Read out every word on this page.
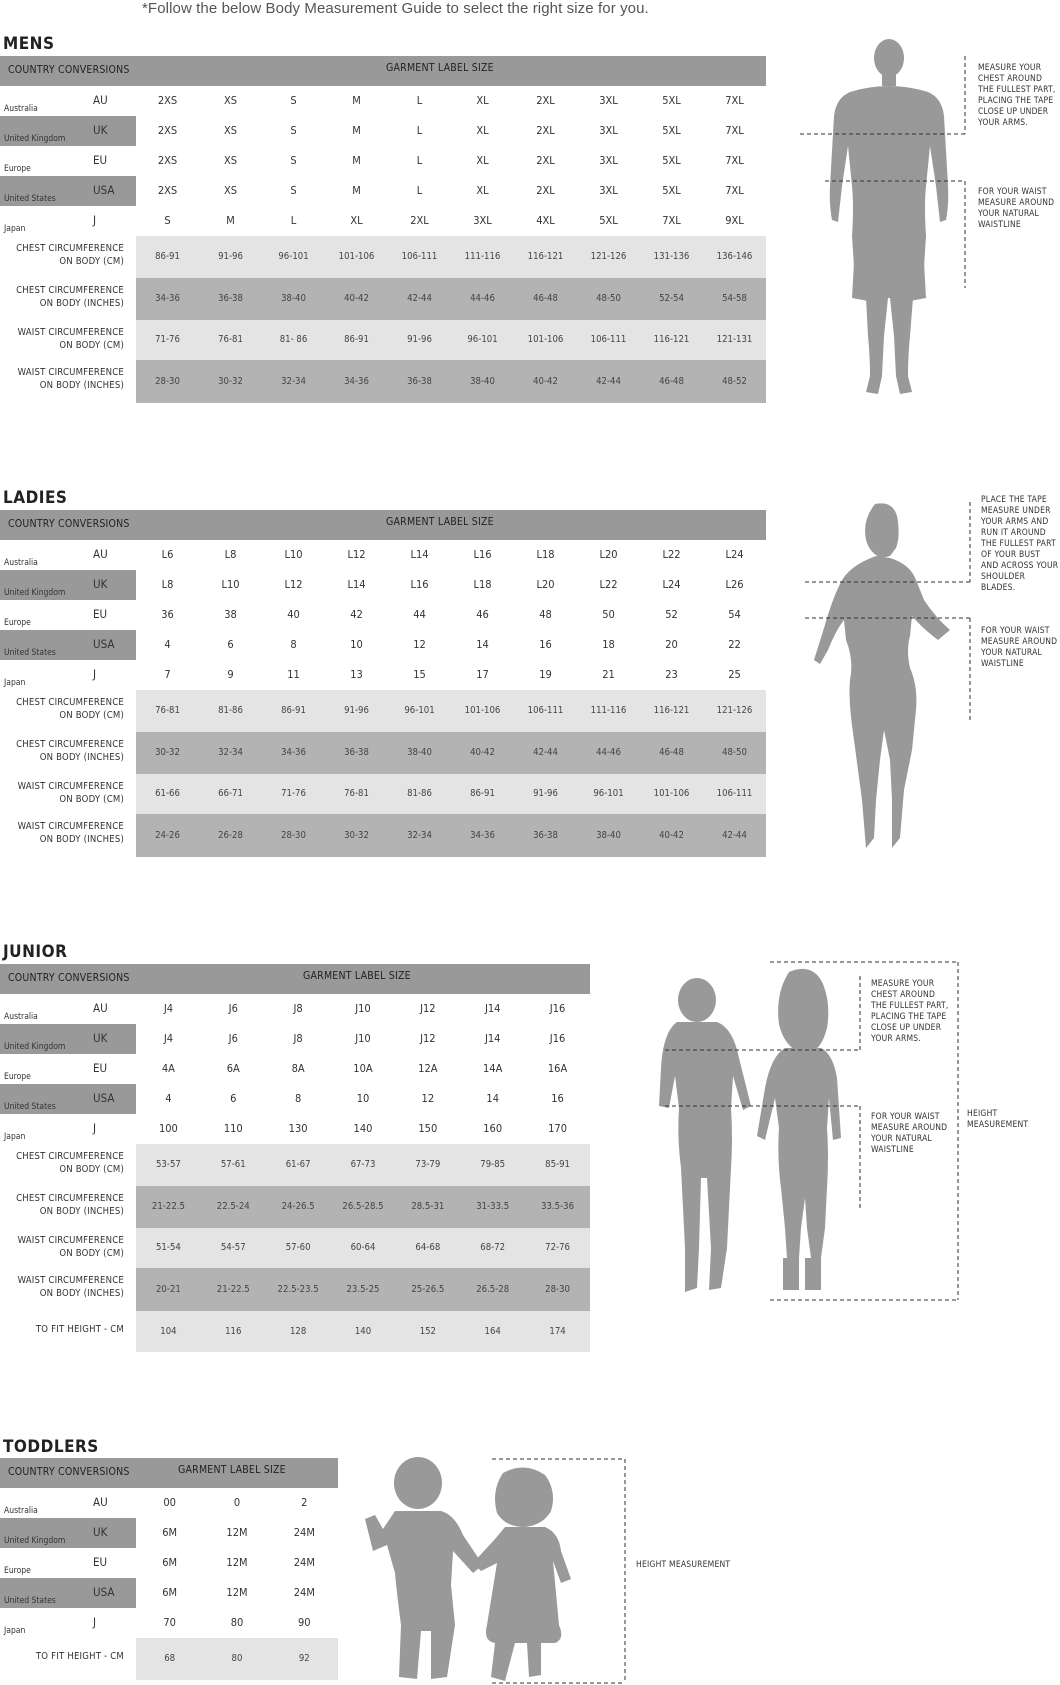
*Follow the below Body Measurement Guide to select the right size for you.
MENS
COUNTRY CONVERSIONS	GARMENT LABEL SIZE
AU
Australia
2XS	XS	S	M	L	XL	2XL	3XL	5XL	7XL
UK
United Kingdom
2XS	XS	S	M	L	XL	2XL	3XL	5XL	7XL
EU
Europe
2XS	XS	S	M	L	XL	2XL	3XL	5XL	7XL
USA
United States
2XS	XS	S	M	L	XL	2XL	3XL	5XL	7XL
J
Japan
S	M	L	XL	2XL	3XL	4XL	5XL	7XL	9XL
CHEST CIRCUMFERENCE
ON BODY (CM)	86-91	91-96	96-101	101-106	106-111	111-116	116-121	121-126	131-136	136-146
CHEST CIRCUMFERENCE
ON BODY (INCHES)	34-36	36-38	38-40	40-42	42-44	44-46	46-48	48-50	52-54	54-58
WAIST CIRCUMFERENCE
ON BODY (CM)	71-76	76-81	81- 86	86-91	91-96	96-101	101-106	106-111	116-121	121-131
WAIST CIRCUMFERENCE
ON BODY (INCHES)	28-30	30-32	32-34	34-36	36-38	38-40	40-42	42-44	46-48	48-52
MEASURE YOUR
CHEST AROUND
THE FULLEST PART,
PLACING THE TAPE
CLOSE UP UNDER
YOUR ARMS.
FOR YOUR WAIST
MEASURE AROUND
YOUR NATURAL
WAISTLINE
LADIES
COUNTRY CONVERSIONS	GARMENT LABEL SIZE
AU
Australia
L6	L8	L10	L12	L14	L16	L18	L20	L22	L24
UK
United Kingdom
L8	L10	L12	L14	L16	L18	L20	L22	L24	L26
EU
Europe
36	38	40	42	44	46	48	50	52	54
USA
United States
4	6	8	10	12	14	16	18	20	22
J
Japan
7	9	11	13	15	17	19	21	23	25
CHEST CIRCUMFERENCE
ON BODY (CM)	76-81	81-86	86-91	91-96	96-101	101-106	106-111	111-116	116-121	121-126
CHEST CIRCUMFERENCE
ON BODY (INCHES)	30-32	32-34	34-36	36-38	38-40	40-42	42-44	44-46	46-48	48-50
WAIST CIRCUMFERENCE
ON BODY (CM)	61-66	66-71	71-76	76-81	81-86	86-91	91-96	96-101	101-106	106-111
WAIST CIRCUMFERENCE
ON BODY (INCHES)	24-26	26-28	28-30	30-32	32-34	34-36	36-38	38-40	40-42	42-44
PLACE THE TAPE
MEASURE UNDER
YOUR ARMS AND
RUN IT AROUND
THE FULLEST PART
OF YOUR BUST
AND ACROSS YOUR
SHOULDER BLADES.
FOR YOUR WAIST
MEASURE AROUND
YOUR NATURAL
WAISTLINE
JUNIOR
COUNTRY CONVERSIONS	GARMENT LABEL SIZE
AU
Australia
J4	J6	J8	J10	J12	J14	J16
UK
United Kingdom
J4	J6	J8	J10	J12	J14	J16
EU
Europe
4A	6A	8A	10A	12A	14A	16A
USA
United States
4	6	8	10	12	14	16
J
Japan
100	110	130	140	150	160	170
CHEST CIRCUMFERENCE
ON BODY (CM)	53-57	57-61	61-67	67-73	73-79	79-85	85-91
CHEST CIRCUMFERENCE
ON BODY (INCHES)	21-22.5	22.5-24	24-26.5	26.5-28.5	28.5-31	31-33.5	33.5-36
WAIST CIRCUMFERENCE
ON BODY (CM)	51-54	54-57	57-60	60-64	64-68	68-72	72-76
WAIST CIRCUMFERENCE
ON BODY (INCHES)	20-21	21-22.5	22.5-23.5	23.5-25	25-26.5	26.5-28	28-30
TO FIT HEIGHT - CM	104	116	128	140	152	164	174
MEASURE YOUR
CHEST AROUND
THE FULLEST PART,
PLACING THE TAPE
CLOSE UP UNDER
YOUR ARMS.
FOR YOUR WAIST
MEASURE AROUND
YOUR NATURAL
WAISTLINE
HEIGHT MEASUREMENT
TODDLERS
COUNTRY CONVERSIONS	GARMENT LABEL SIZE
AU
Australia
00	0	2
UK
United Kingdom
6M	12M	24M
EU
Europe
6M	12M	24M
USA
United States
6M	12M	24M
J
Japan
70	80	90
TO FIT HEIGHT - CM	68	80	92
HEIGHT MEASUREMENT
